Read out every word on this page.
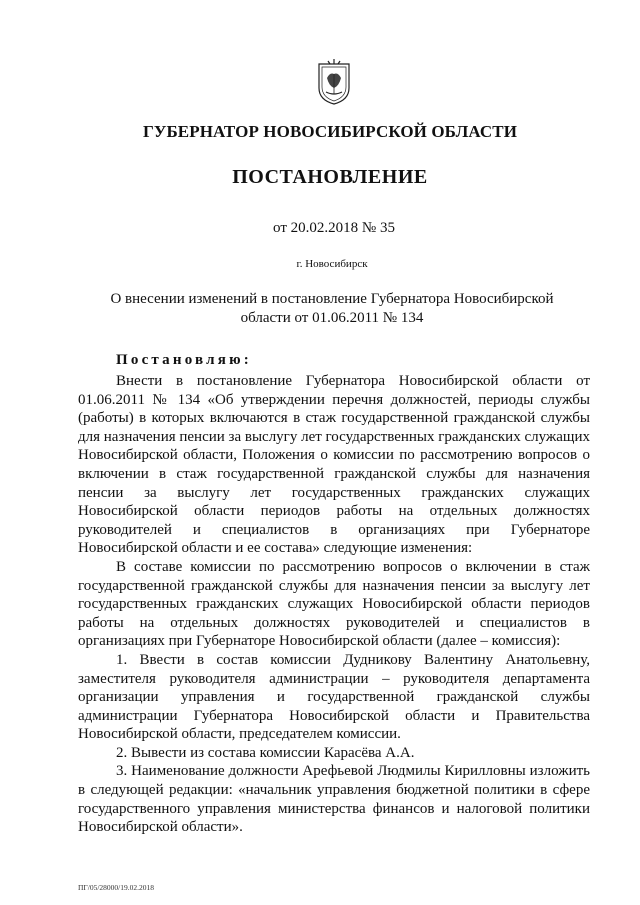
ГУБЕРНАТОР НОВОСИБИРСКОЙ ОБЛАСТИ
ПОСТАНОВЛЕНИЕ
от 20.02.2018 № 35
г. Новосибирск
О внесении изменений в постановление Губернатора Новосибирской области от 01.06.2011 № 134
Постановляю:

Внести в постановление Губернатора Новосибирской области от 01.06.2011 № 134 «Об утверждении перечня должностей, периоды службы (работы) в которых включаются в стаж государственной гражданской службы для назначения пенсии за выслугу лет государственных гражданских служащих Новосибирской области, Положения о комиссии по рассмотрению вопросов о включении в стаж государственной гражданской службы для назначения пенсии за выслугу лет государственных гражданских служащих Новосибирской области периодов работы на отдельных должностях руководителей и специалистов в организациях при Губернаторе Новосибирской области и ее состава» следующие изменения:

В составе комиссии по рассмотрению вопросов о включении в стаж государственной гражданской службы для назначения пенсии за выслугу лет государственных гражданских служащих Новосибирской области периодов работы на отдельных должностях руководителей и специалистов в организациях при Губернаторе Новосибирской области (далее – комиссия):

1. Ввести в состав комиссии Дудникову Валентину Анатольевну, заместителя руководителя администрации – руководителя департамента организации управления и государственной гражданской службы администрации Губернатора Новосибирской области и Правительства Новосибирской области, председателем комиссии.

2. Вывести из состава комиссии Карасёва А.А.

3. Наименование должности Арефьевой Людмилы Кирилловны изложить в следующей редакции: «начальник управления бюджетной политики в сфере государственного управления министерства финансов и налоговой политики Новосибирской области».

ПГ/05/28000/19.02.2018
